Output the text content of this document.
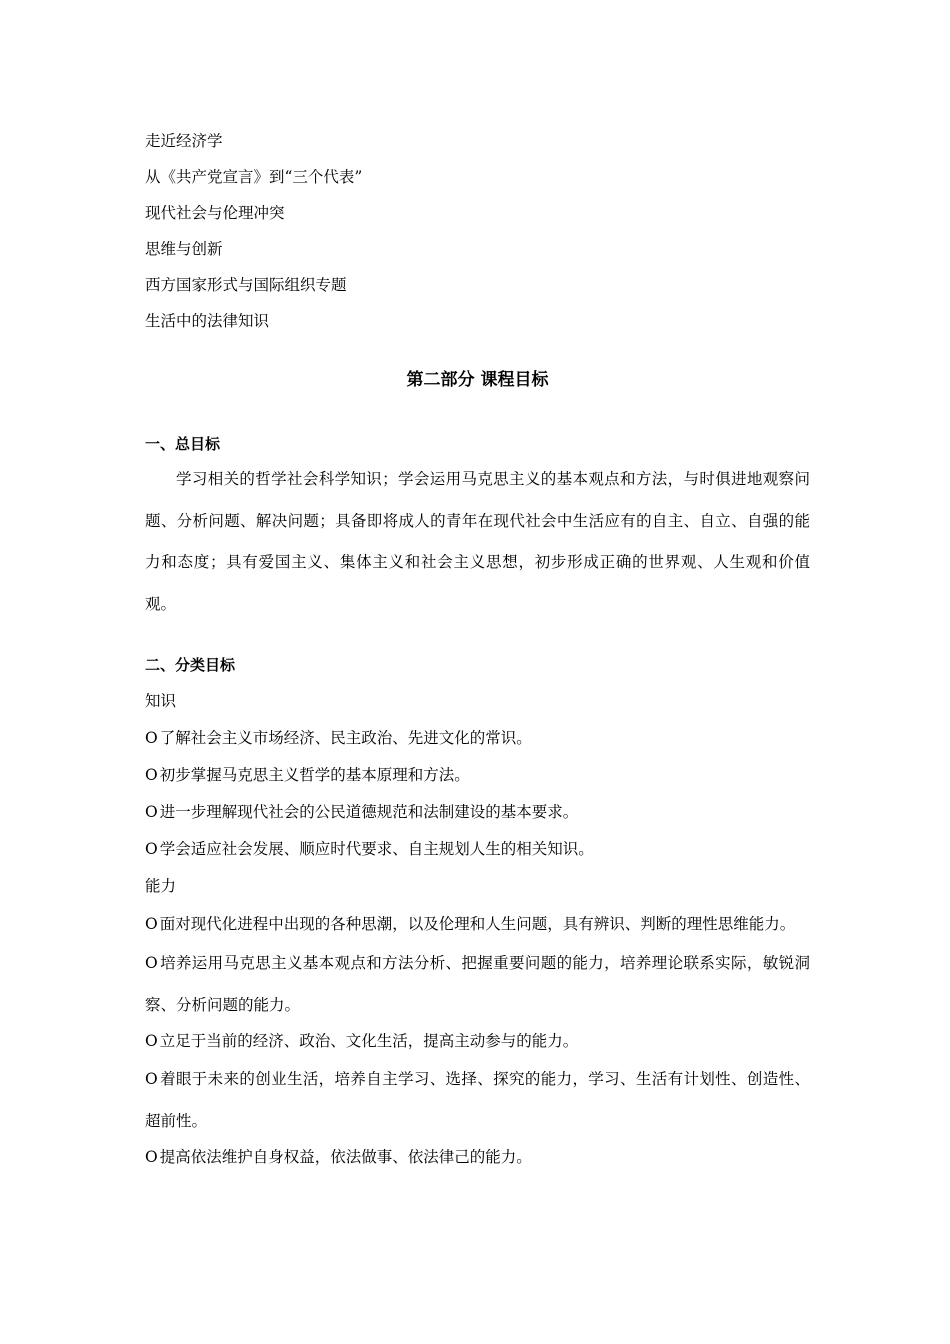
走近经济学
从《共产党宣言》到“三个代表”
现代社会与伦理冲突
思维与创新
西方国家形式与国际组织专题
生活中的法律知识
第二部分 课程目标
一、总目标
学习相关的哲学社会科学知识；学会运用马克思主义的基本观点和方法，与时俱进地观察问题、分析问题、解决问题；具备即将成人的青年在现代社会中生活应有的自主、自立、自强的能力和态度；具有爱国主义、集体主义和社会主义思想，初步形成正确的世界观、人生观和价值观。
二、分类目标
知识
O 了解社会主义市场经济、民主政治、先进文化的常识。
O 初步掌握马克思主义哲学的基本原理和方法。
O 进一步理解现代社会的公民道德规范和法制建设的基本要求。
O 学会适应社会发展、顺应时代要求、自主规划人生的相关知识。
能力
O 面对现代化进程中出现的各种思潮，以及伦理和人生问题，具有辨识、判断的理性思维能力。
O 培养运用马克思主义基本观点和方法分析、把握重要问题的能力，培养理论联系实际，敏锐洞察、分析问题的能力。
O 立足于当前的经济、政治、文化生活，提高主动参与的能力。
O 着眼于未来的创业生活，培养自主学习、选择、探究的能力，学习、生活有计划性、创造性、超前性。
O 提高依法维护自身权益，依法做事、依法律己的能力。
